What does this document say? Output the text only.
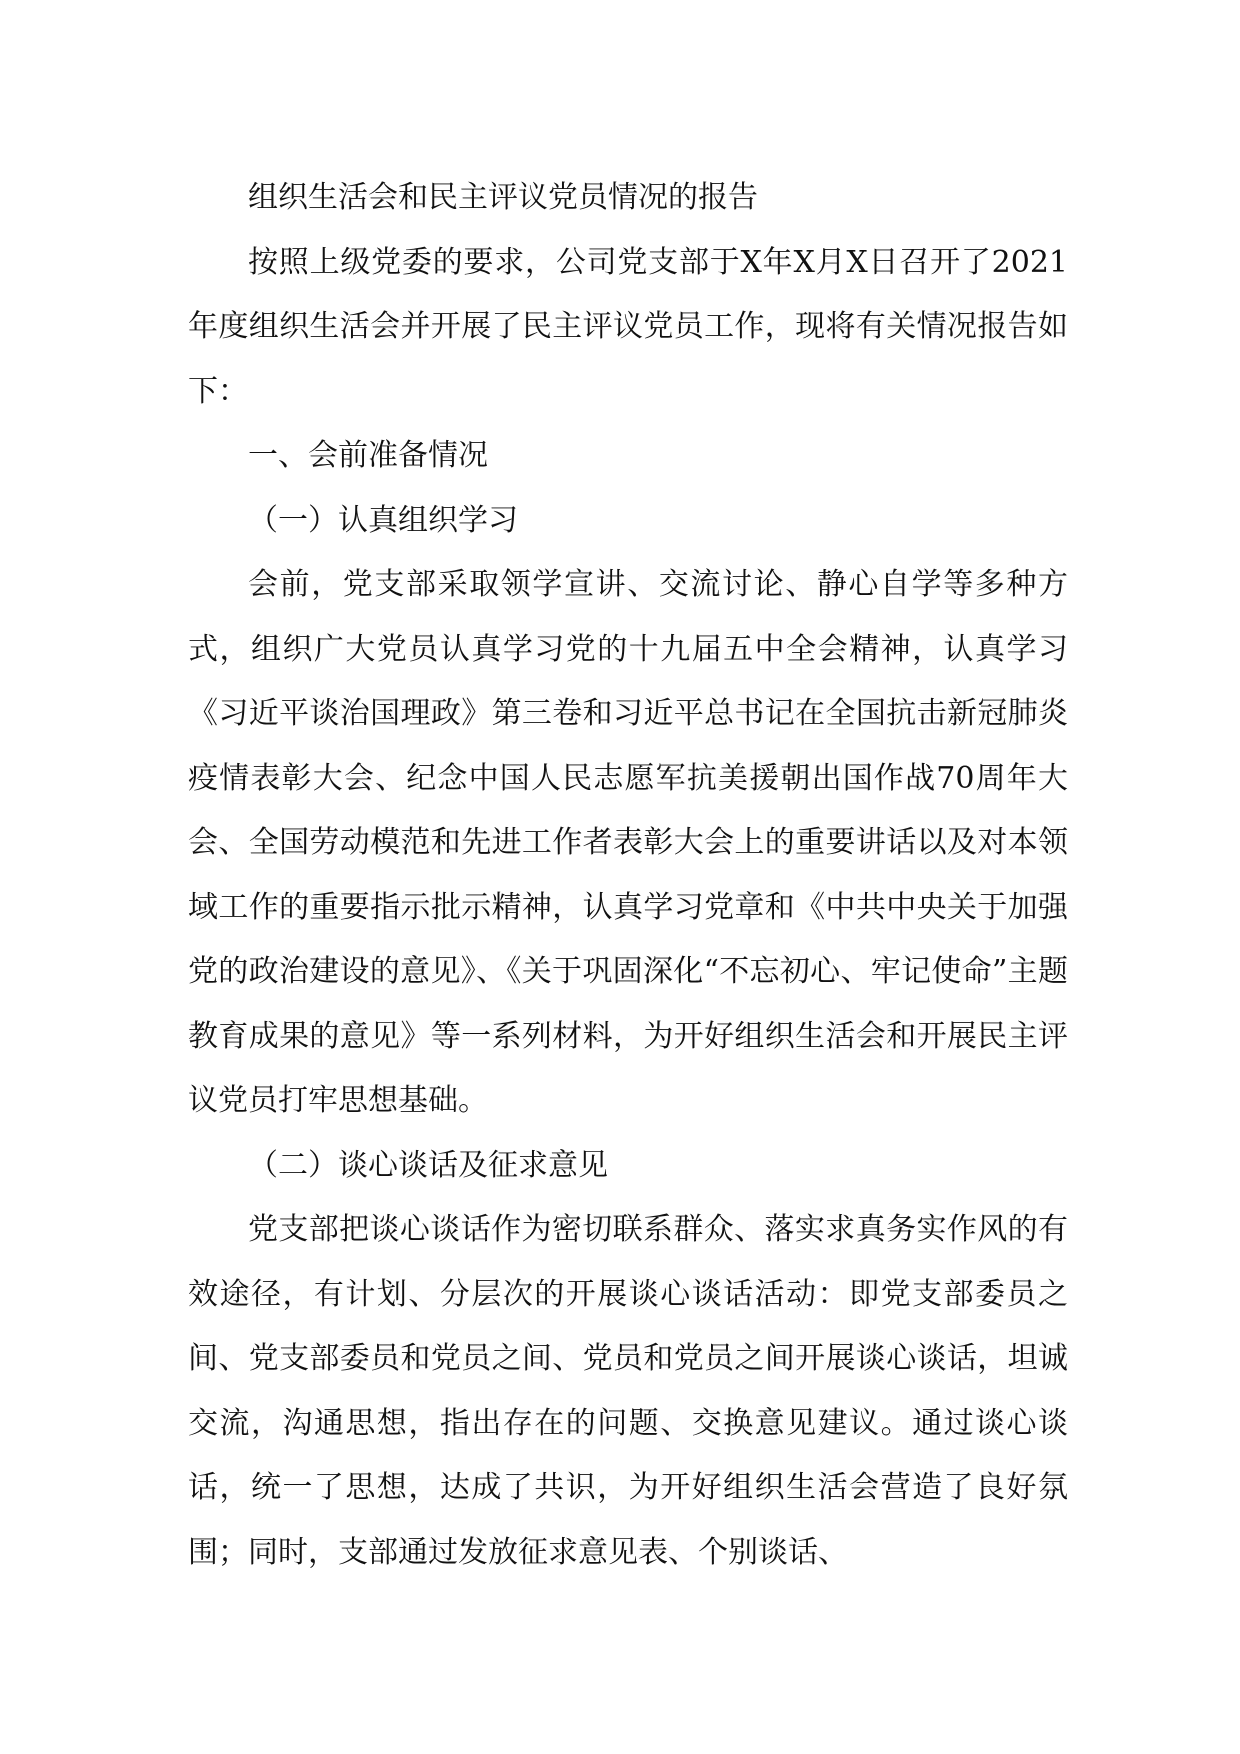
组织生活会和民主评议党员情况的报告

按照上级党委的要求，公司党支部于X年X月X日召开了2021年度组织生活会并开展了民主评议党员工作，现将有关情况报告如下：

一、会前准备情况

（一）认真组织学习

会前，党支部采取领学宣讲、交流讨论、静心自学等多种方式，组织广大党员认真学习党的十九届五中全会精神，认真学习《习近平谈治国理政》第三卷和习近平总书记在全国抗击新冠肺炎疫情表彰大会、纪念中国人民志愿军抗美援朝出国作战70周年大会、全国劳动模范和先进工作者表彰大会上的重要讲话以及对本领域工作的重要指示批示精神，认真学习党章和《中共中央关于加强党的政治建设的意见》、《关于巩固深化“不忘初心、牢记使命”主题教育成果的意见》等一系列材料，为开好组织生活会和开展民主评议党员打牢思想基础。

（二）谈心谈话及征求意见

党支部把谈心谈话作为密切联系群众、落实求真务实作风的有效途径，有计划、分层次的开展谈心谈话活动：即党支部委员之间、党支部委员和党员之间、党员和党员之间开展谈心谈话，坦诚交流，沟通思想，指出存在的问题、交换意见建议。通过谈心谈话，统一了思想，达成了共识，为开好组织生活会营造了良好氛围；同时，支部通过发放征求意见表、个别谈话、
